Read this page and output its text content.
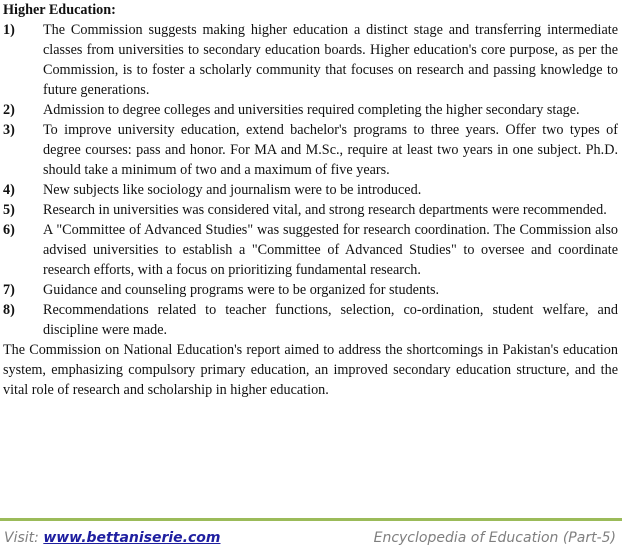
Higher Education:

1)	The Commission suggests making higher education a distinct stage and transferring intermediate classes from universities to secondary education boards. Higher education's core purpose, as per the Commission, is to foster a scholarly community that focuses on research and passing knowledge to future generations.

2)	Admission to degree colleges and universities required completing the higher secondary stage.

3)	To improve university education, extend bachelor's programs to three years. Offer two types of degree courses: pass and honor. For MA and M.Sc., require at least two years in one subject. Ph.D. should take a minimum of two and a maximum of five years.

4)	New subjects like sociology and journalism were to be introduced.

5)	Research in universities was considered vital, and strong research departments were recommended.

6)	A "Committee of Advanced Studies" was suggested for research coordination. The Commission also advised universities to establish a "Committee of Advanced Studies" to oversee and coordinate research efforts, with a focus on prioritizing fundamental research.

7)	Guidance and counseling programs were to be organized for students.

8)	Recommendations related to teacher functions, selection, co-ordination, student welfare, and discipline were made.

The Commission on National Education's report aimed to address the shortcomings in Pakistan's education system, emphasizing compulsory primary education, an improved secondary education structure, and the vital role of research and scholarship in higher education.

Visit: www.bettaniserie.com	Encyclopedia of Education (Part-5)
